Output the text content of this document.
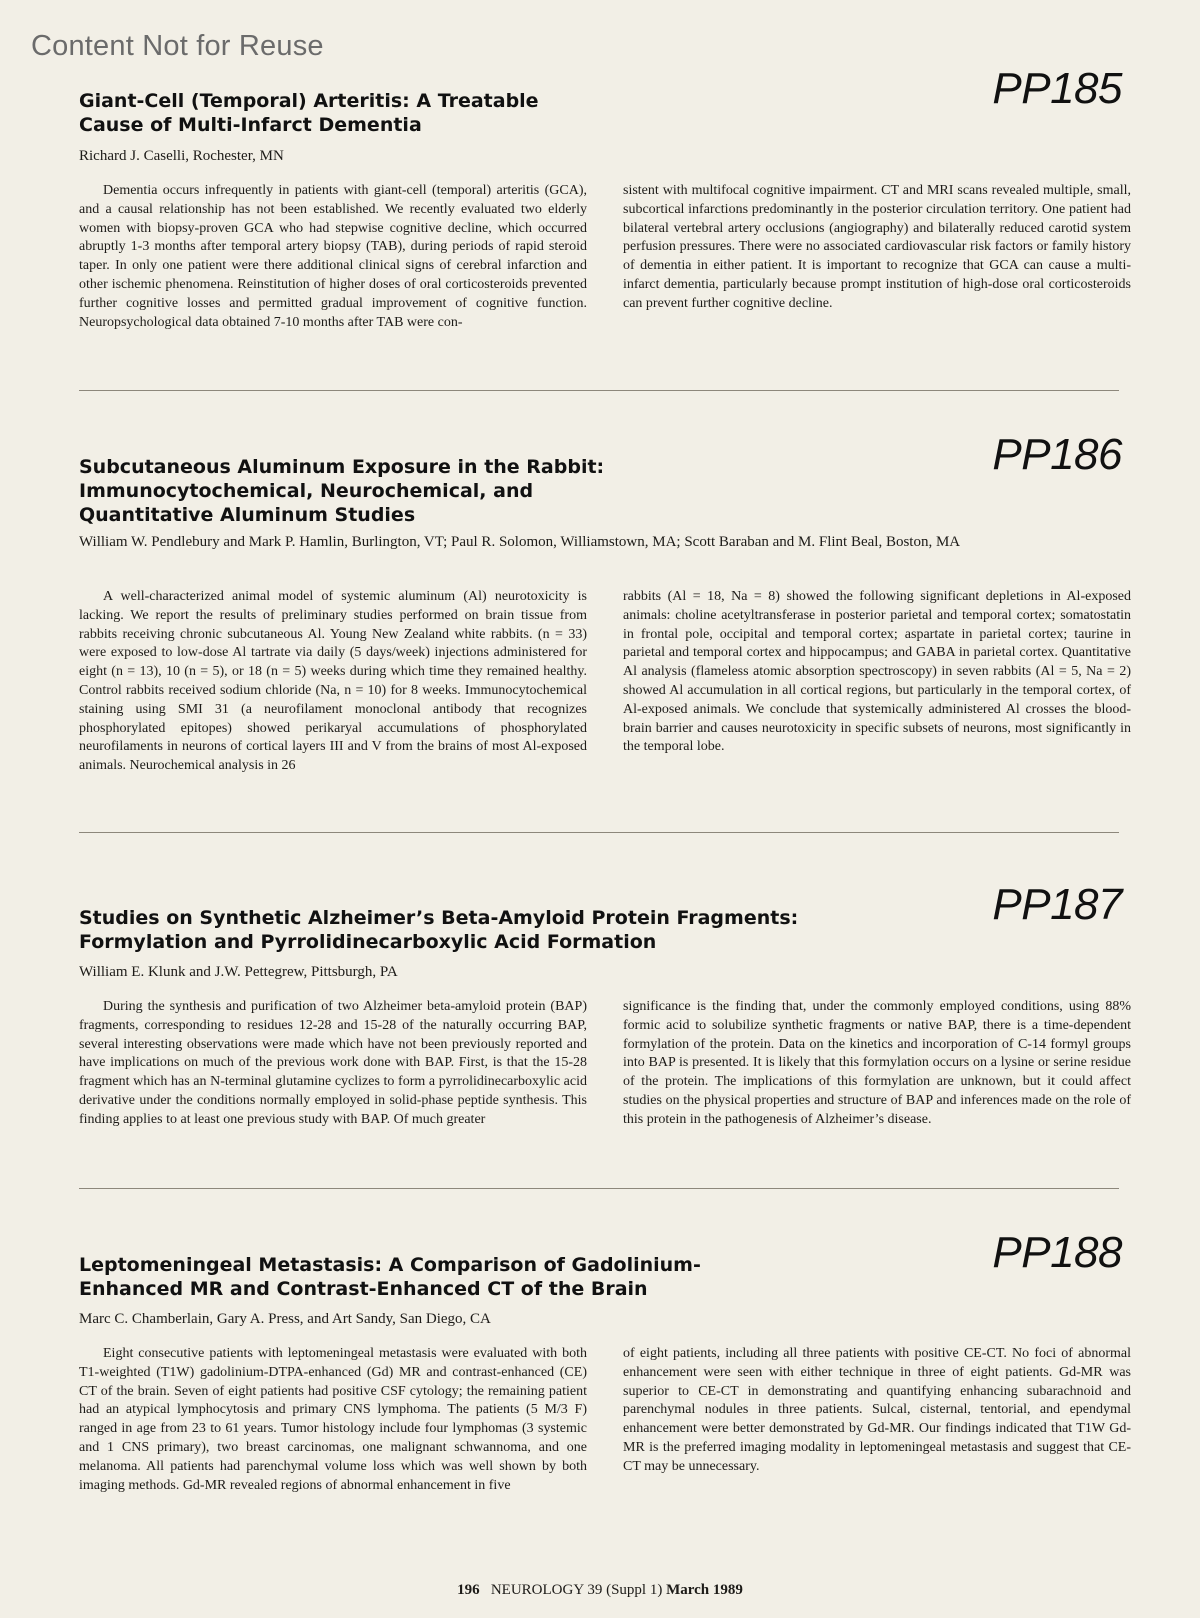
Content Not for Reuse
PP185
Giant-Cell (Temporal) Arteritis: A Treatable
Cause of Multi-Infarct Dementia
Richard J. Caselli, Rochester, MN
Dementia occurs infrequently in patients with giant-cell (temporal) arteritis (GCA), and a causal relationship has not been established. We recently evaluated two elderly women with biopsy-proven GCA who had stepwise cognitive decline, which occurred abruptly 1-3 months after temporal artery biopsy (TAB), during periods of rapid steroid taper. In only one patient were there additional clinical signs of cerebral infarction and other ischemic phenomena. Reinstitution of higher doses of oral corticosteroids prevented further cognitive losses and permitted gradual improvement of cognitive function. Neuropsychological data obtained 7-10 months after TAB were con-
sistent with multifocal cognitive impairment. CT and MRI scans revealed multiple, small, subcortical infarctions predominantly in the posterior circulation territory. One patient had bilateral vertebral artery occlusions (angiography) and bilaterally reduced carotid system perfusion pressures. There were no associated cardiovascular risk factors or family history of dementia in either patient. It is important to recognize that GCA can cause a multi-infarct dementia, particularly because prompt institution of high-dose oral corticosteroids can prevent further cognitive decline.
PP186
Subcutaneous Aluminum Exposure in the Rabbit:
Immunocytochemical, Neurochemical, and
Quantitative Aluminum Studies
William W. Pendlebury and Mark P. Hamlin, Burlington, VT; Paul R. Solomon, Williamstown, MA; Scott Baraban and M. Flint Beal, Boston, MA
A well-characterized animal model of systemic aluminum (Al) neurotoxicity is lacking. We report the results of preliminary studies performed on brain tissue from rabbits receiving chronic subcutaneous Al. Young New Zealand white rabbits. (n = 33) were exposed to low-dose Al tartrate via daily (5 days/week) injections administered for eight (n = 13), 10 (n = 5), or 18 (n = 5) weeks during which time they remained healthy. Control rabbits received sodium chloride (Na, n = 10) for 8 weeks. Immunocytochemical staining using SMI 31 (a neurofilament monoclonal antibody that recognizes phosphorylated epitopes) showed perikaryal accumulations of phosphorylated neurofilaments in neurons of cortical layers III and V from the brains of most Al-exposed animals. Neurochemical analysis in 26
rabbits (Al = 18, Na = 8) showed the following significant depletions in Al-exposed animals: choline acetyltransferase in posterior parietal and temporal cortex; somatostatin in frontal pole, occipital and temporal cortex; aspartate in parietal cortex; taurine in parietal and temporal cortex and hippocampus; and GABA in parietal cortex. Quantitative Al analysis (flameless atomic absorption spectroscopy) in seven rabbits (Al = 5, Na = 2) showed Al accumulation in all cortical regions, but particularly in the temporal cortex, of Al-exposed animals. We conclude that systemically administered Al crosses the blood-brain barrier and causes neurotoxicity in specific subsets of neurons, most significantly in the temporal lobe.
PP187
Studies on Synthetic Alzheimer’s Beta-Amyloid Protein Fragments:
Formylation and Pyrrolidinecarboxylic Acid Formation
William E. Klunk and J.W. Pettegrew, Pittsburgh, PA
During the synthesis and purification of two Alzheimer beta-amyloid protein (BAP) fragments, corresponding to residues 12-28 and 15-28 of the naturally occurring BAP, several interesting observations were made which have not been previously reported and have implications on much of the previous work done with BAP. First, is that the 15-28 fragment which has an N-terminal glutamine cyclizes to form a pyrrolidinecarboxylic acid derivative under the conditions normally employed in solid-phase peptide synthesis. This finding applies to at least one previous study with BAP. Of much greater
significance is the finding that, under the commonly employed conditions, using 88% formic acid to solubilize synthetic fragments or native BAP, there is a time-dependent formylation of the protein. Data on the kinetics and incorporation of C-14 formyl groups into BAP is presented. It is likely that this formylation occurs on a lysine or serine residue of the protein. The implications of this formylation are unknown, but it could affect studies on the physical properties and structure of BAP and inferences made on the role of this protein in the pathogenesis of Alzheimer’s disease.
PP188
Leptomeningeal Metastasis: A Comparison of Gadolinium-
Enhanced MR and Contrast-Enhanced CT of the Brain
Marc C. Chamberlain, Gary A. Press, and Art Sandy, San Diego, CA
Eight consecutive patients with leptomeningeal metastasis were evaluated with both T1-weighted (T1W) gadolinium-DTPA-enhanced (Gd) MR and contrast-enhanced (CE) CT of the brain. Seven of eight patients had positive CSF cytology; the remaining patient had an atypical lymphocytosis and primary CNS lymphoma. The patients (5 M/3 F) ranged in age from 23 to 61 years. Tumor histology include four lymphomas (3 systemic and 1 CNS primary), two breast carcinomas, one malignant schwannoma, and one melanoma. All patients had parenchymal volume loss which was well shown by both imaging methods. Gd-MR revealed regions of abnormal enhancement in five
of eight patients, including all three patients with positive CE-CT. No foci of abnormal enhancement were seen with either technique in three of eight patients. Gd-MR was superior to CE-CT in demonstrating and quantifying enhancing subarachnoid and parenchymal nodules in three patients. Sulcal, cisternal, tentorial, and ependymal enhancement were better demonstrated by Gd-MR. Our findings indicated that T1W Gd-MR is the preferred imaging modality in leptomeningeal metastasis and suggest that CE-CT may be unnecessary.
196 NEUROLOGY 39 (Suppl 1) March 1989
